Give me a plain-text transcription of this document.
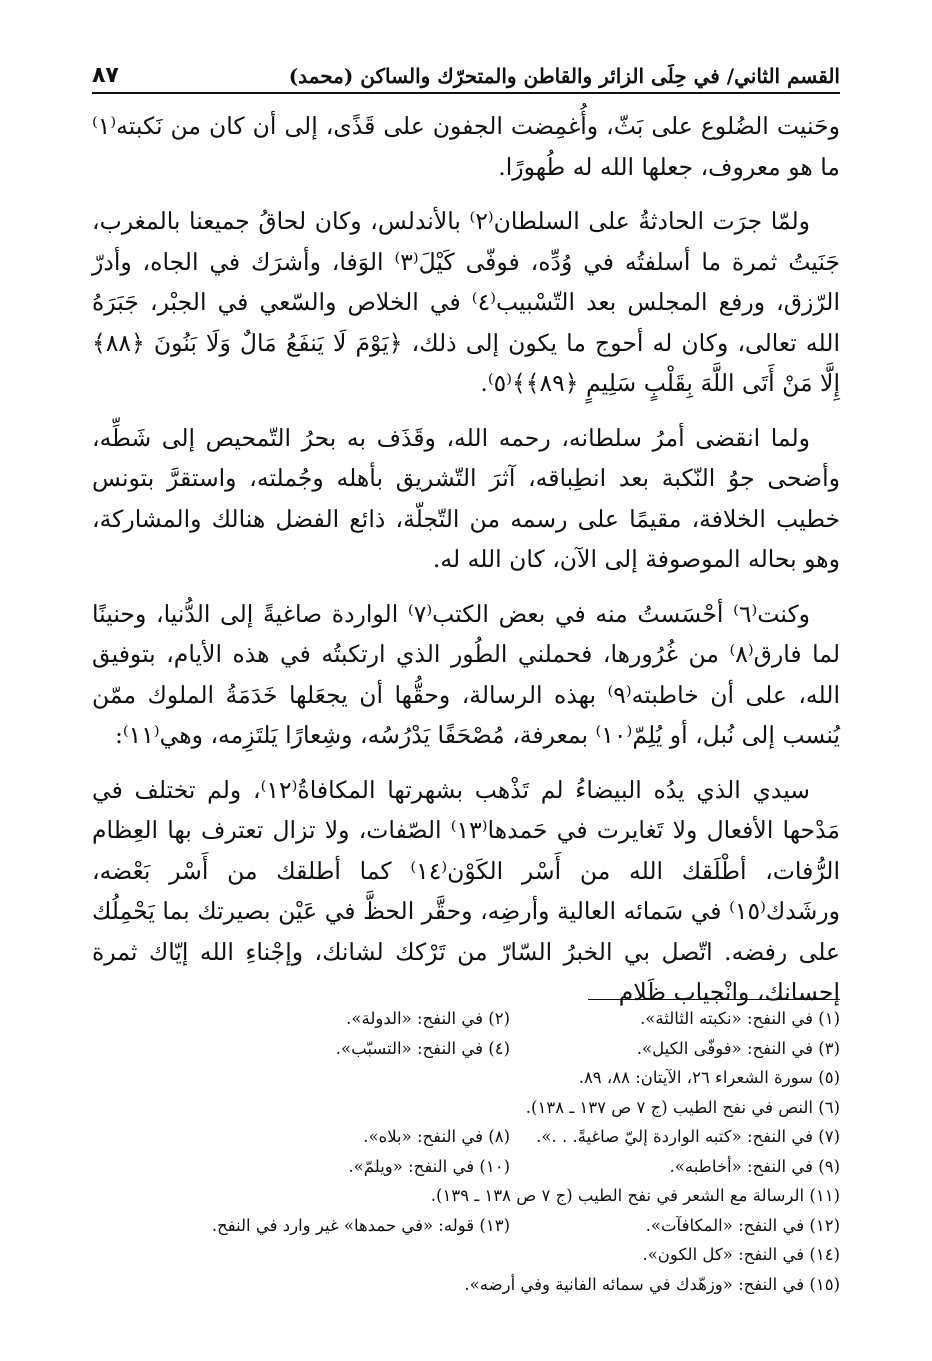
القسم الثاني/ في حِلَى الزائر والقاطن والمتحرّك والساكن (محمد)
٨٧

وحَنيت الضُلوع على بَثّ، وأُغمِضت الجفون على قَذًى، إلى أن كان من نَكبته⁽١⁾ ما هو معروف، جعلها الله له طُهورًا.

ولمّا جرَت الحادثةُ على السلطان⁽٢⁾ بالأندلس، وكان لحاقُ جميعنا بالمغرب، جَنَيتُ ثمرة ما أسلفتُه في وُدِّه، فوفّى كَيْلَ⁽٣⁾ الوَفا، وأشرَك في الجاه، وأدرّ الرّزق، ورفع المجلس بعد التّسْبيب⁽٤⁾ في الخلاص والسّعي في الجبْر، جَبَرَهُ الله تعالى، وكان له أحوج ما يكون إلى ذلك، ﴿يَوْمَ لَا يَنفَعُ مَالٌ وَلَا بَنُونَ ﴿٨٨﴾ إِلَّا مَنْ أَتَى اللَّهَ بِقَلْبٍ سَلِيمٍ ﴿٨٩﴾﴾⁽٥⁾.

ولما انقضى أمرُ سلطانه، رحمه الله، وقَذَف به بحرُ التّمحيص إلى شَطِّه، وأضحى جوُ النّكبة بعد انطِباقه، آثرَ التّشريق بأهله وجُملته، واستقرَّ بتونس خطيب الخلافة، مقيمًا على رسمه من التّجلّة، ذائع الفضل هنالك والمشاركة، وهو بحاله الموصوفة إلى الآن، كان الله له.

وكنت⁽٦⁾ أحْسَستُ منه في بعض الكتب⁽٧⁾ الواردة صاغيةً إلى الدُّنيا، وحنينًا لما فارق⁽٨⁾ من غُرُورها، فحملني الطُور الذي ارتكبتُه في هذه الأيام، بتوفيق الله، على أن خاطبته⁽٩⁾ بهذه الرسالة، وحقُّها أن يجعَلها خَدَمَةُ الملوك ممّن يُنسب إلى نُبل، أو يُلِمّ⁽١٠⁾ بمعرفة، مُصْحَفًا يَدْرُسُه، وشِعارًا يَلتَزِمه، وهي⁽١١⁾:

سيدي الذي يدُه البيضاءُ لم تَذْهب بشهرتها المكافاةُ⁽١٢⁾، ولم تختلف في مَدْحها الأفعال ولا تَغايرت في حَمدها⁽١٣⁾ الصّفات، ولا تزال تعترف بها العِظام الرُّفات، أطْلَقك الله من أَسْر الكَوْن⁽١٤⁾ كما أطلقك من أَسْر بَعْضه، ورشَدك⁽١٥⁾ في سَمائه العالية وأرضِه، وحقَّر الحظَّ في عَيْن بصيرتك بما يَحْمِلُك على رفضه. اتّصل بي الخبرُ السّارّ من تَرْكك لشانك، وإجْناءِ الله إيّاك ثمرة إحسانك، وانْجياب ظَلام

(١) في النفح: «نكبته الثالثة».
(٢) في النفح: «الدولة».
(٣) في النفح: «فوفّى الكيل».
(٤) في النفح: «التسبّب».
(٥) سورة الشعراء ٢٦، الآيتان: ٨٨، ٨٩.
(٦) النص في نفح الطيب (ج ٧ ص ١٣٧ ـ ١٣٨).
(٧) في النفح: «كتبه الواردة إليّ صاغيةً. . .».
(٨) في النفح: «بلاه».
(٩) في النفح: «أخاطبه».
(١٠) في النفح: «ويلمّ».
(١١) الرسالة مع الشعر في نفح الطيب (ج ٧ ص ١٣٨ ـ ١٣٩).
(١٢) في النفح: «المكافآت».
(١٣) قوله: «في حمدها» غير وارد في النفح.
(١٤) في النفح: «كل الكون».
(١٥) في النفح: «وزهّدك في سمائه الفانية وفي أرضه».
